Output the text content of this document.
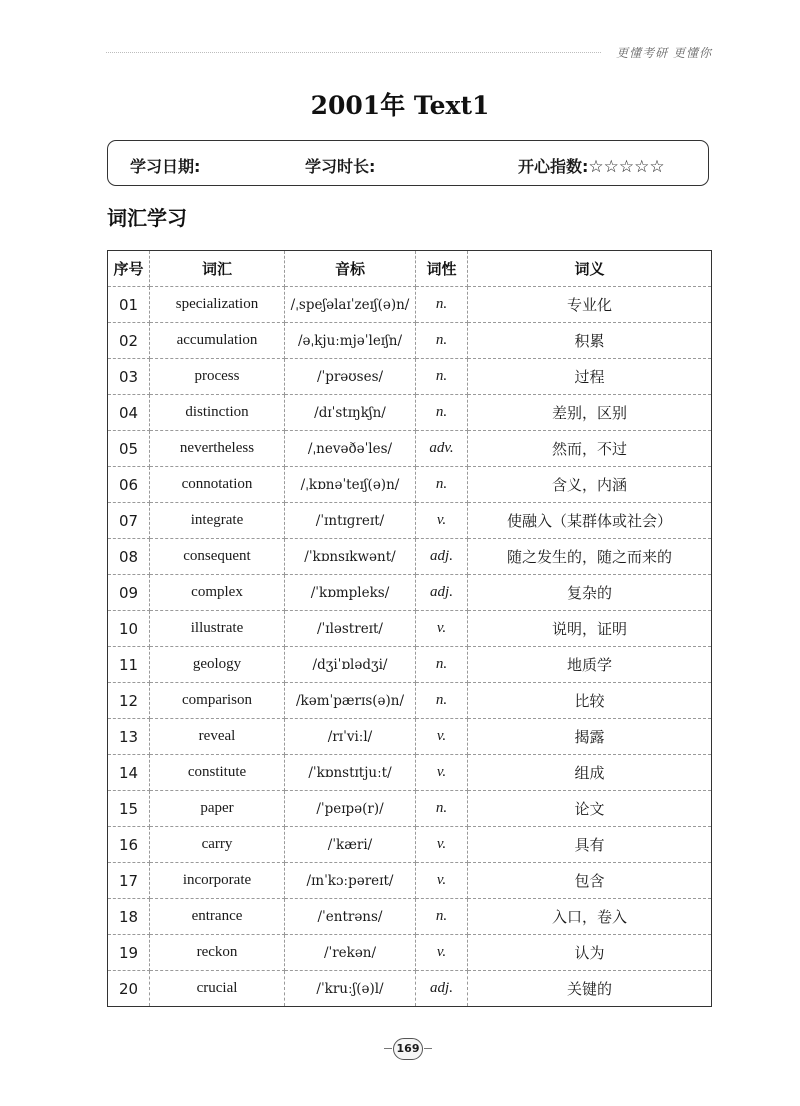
更懂考研 更懂你
2001年 Text1
学习日期:	学习时长:	开心指数:☆☆☆☆☆
词汇学习
序号	词汇	音标	词性	词义
01	specialization	/ˌspeʃəlaɪˈzeɪʃ(ə)n/	n.	专业化
02	accumulation	/əˌkjuːmjəˈleɪʃn/	n.	积累
03	process	/ˈprəʊses/	n.	过程
04	distinction	/dɪˈstɪŋkʃn/	n.	差别，区别
05	nevertheless	/ˌnevəðəˈles/	adv.	然而，不过
06	connotation	/ˌkɒnəˈteɪʃ(ə)n/	n.	含义，内涵
07	integrate	/ˈɪntɪɡreɪt/	v.	使融入（某群体或社会）
08	consequent	/ˈkɒnsɪkwənt/	adj.	随之发生的，随之而来的
09	complex	/ˈkɒmpleks/	adj.	复杂的
10	illustrate	/ˈɪləstreɪt/	v.	说明，证明
11	geology	/dʒiˈɒlədʒi/	n.	地质学
12	comparison	/kəmˈpærɪs(ə)n/	n.	比较
13	reveal	/rɪˈviːl/	v.	揭露
14	constitute	/ˈkɒnstɪtjuːt/	v.	组成
15	paper	/ˈpeɪpə(r)/	n.	论文
16	carry	/ˈkæri/	v.	具有
17	incorporate	/ɪnˈkɔːpəreɪt/	v.	包含
18	entrance	/ˈentrəns/	n.	入口，卷入
19	reckon	/ˈrekən/	v.	认为
20	crucial	/ˈkruːʃ(ə)l/	adj.	关键的
169
